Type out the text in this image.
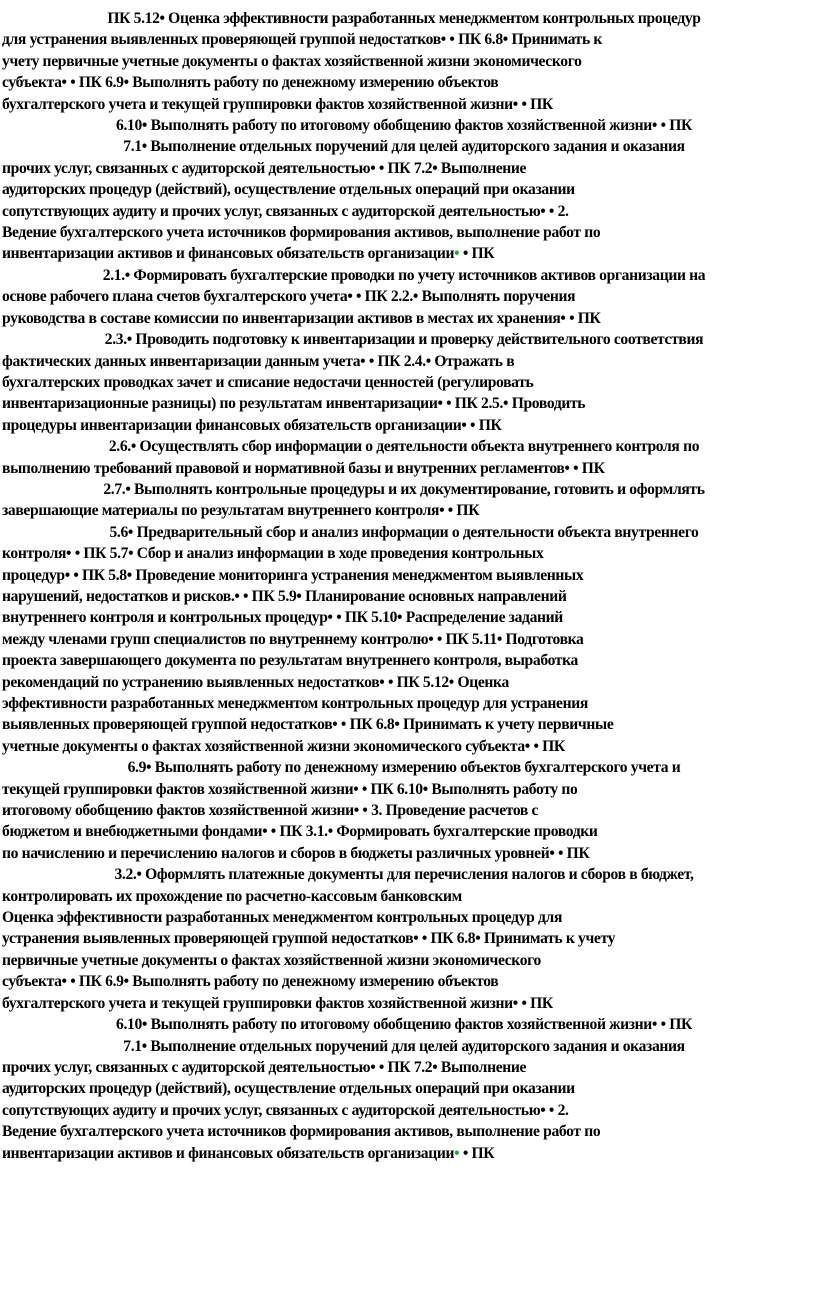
ПК 5.12• Оценка эффективности разработанных менеджментом контрольных процедур
для устранения выявленных проверяющей группой недостатков• • ПК 6.8• Принимать к
учету первичные учетные документы о фактах хозяйственной жизни экономического
субъекта• • ПК 6.9• Выполнять работу по денежному измерению объектов
бухгалтерского учета и текущей группировки фактов хозяйственной жизни• • ПК
6.10• Выполнять работу по итоговому обобщению фактов хозяйственной жизни• • ПК
7.1• Выполнение отдельных поручений для целей аудиторского задания и оказания
прочих услуг, связанных с аудиторской деятельностью• • ПК 7.2• Выполнение
аудиторских процедур (действий), осуществление отдельных операций при оказании
сопутствующих аудиту и прочих услуг, связанных с аудиторской деятельностью• • 2.
Ведение бухгалтерского учета источников формирования активов, выполнение работ по
инвентаризации активов и финансовых обязательств организации• • ПК
2.1.• Формировать бухгалтерские проводки по учету источников активов организации на
основе рабочего плана счетов бухгалтерского учета• • ПК 2.2.• Выполнять поручения
руководства в составе комиссии по инвентаризации активов в местах их хранения• • ПК
2.3.• Проводить подготовку к инвентаризации и проверку действительного соответствия
фактических данных инвентаризации данным учета• • ПК 2.4.• Отражать в
бухгалтерских проводках зачет и списание недостачи ценностей (регулировать
инвентаризационные разницы) по результатам инвентаризации• • ПК 2.5.• Проводить
процедуры инвентаризации финансовых обязательств организации• • ПК
2.6.• Осуществлять сбор информации о деятельности объекта внутреннего контроля по
выполнению требований правовой и нормативной базы и внутренних регламентов• • ПК
2.7.• Выполнять контрольные процедуры и их документирование, готовить и оформлять
завершающие материалы по результатам внутреннего контроля• • ПК
5.6• Предварительный сбор и анализ информации о деятельности объекта внутреннего
контроля• • ПК 5.7• Сбор и анализ информации в ходе проведения контрольных
процедур• • ПК 5.8• Проведение мониторинга устранения менеджментом выявленных
нарушений, недостатков и рисков.• • ПК 5.9• Планирование основных направлений
внутреннего контроля и контрольных процедур• • ПК 5.10• Распределение заданий
между членами групп специалистов по внутреннему контролю• • ПК 5.11• Подготовка
проекта завершающего документа по результатам внутреннего контроля, выработка
рекомендаций по устранению выявленных недостатков• • ПК 5.12• Оценка
эффективности разработанных менеджментом контрольных процедур для устранения
выявленных проверяющей группой недостатков• • ПК 6.8• Принимать к учету первичные
учетные документы о фактах хозяйственной жизни экономического субъекта• • ПК
6.9• Выполнять работу по денежному измерению объектов бухгалтерского учета и
текущей группировки фактов хозяйственной жизни• • ПК 6.10• Выполнять работу по
итоговому обобщению фактов хозяйственной жизни• • 3. Проведение расчетов с
бюджетом и внебюджетными фондами• • ПК 3.1.• Формировать бухгалтерские проводки
по начислению и перечислению налогов и сборов в бюджеты различных уровней• • ПК
3.2.• Оформлять платежные документы для перечисления налогов и сборов в бюджет,
контролировать их прохождение по расчетно-кассовым банковским
Оценка эффективности разработанных менеджментом контрольных процедур для
устранения выявленных проверяющей группой недостатков• • ПК 6.8• Принимать к учету
первичные учетные документы о фактах хозяйственной жизни экономического
субъекта• • ПК 6.9• Выполнять работу по денежному измерению объектов
бухгалтерского учета и текущей группировки фактов хозяйственной жизни• • ПК
6.10• Выполнять работу по итоговому обобщению фактов хозяйственной жизни• • ПК
7.1• Выполнение отдельных поручений для целей аудиторского задания и оказания
прочих услуг, связанных с аудиторской деятельностью• • ПК 7.2• Выполнение
аудиторских процедур (действий), осуществление отдельных операций при оказании
сопутствующих аудиту и прочих услуг, связанных с аудиторской деятельностью• • 2.
Ведение бухгалтерского учета источников формирования активов, выполнение работ по
инвентаризации активов и финансовых обязательств организации• • ПК
